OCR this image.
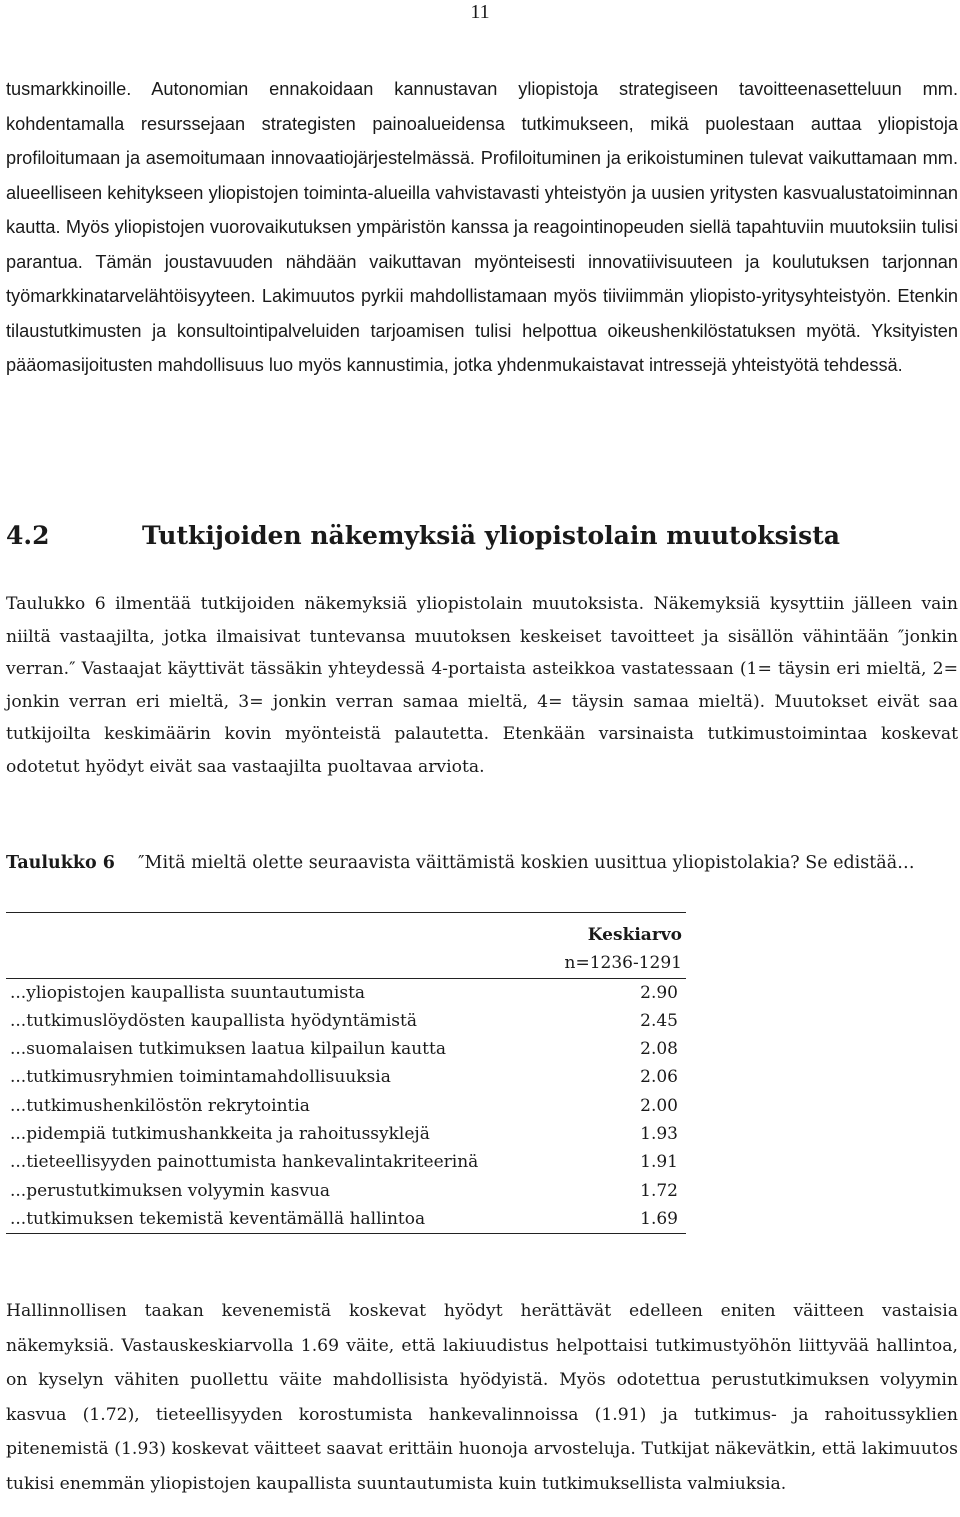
11

tusmarkkinoille. Autonomian ennakoidaan kannustavan yliopistoja strategiseen tavoitteenasetteluun mm. kohdentamalla resurssejaan strategisten painoalueidensa tutkimukseen, mikä puolestaan auttaa yliopistoja profiloitumaan ja asemoitumaan innovaatiojärjestelmässä. Profiloituminen ja erikoistuminen tulevat vaikuttamaan mm. alueelliseen kehitykseen yliopistojen toiminta-alueilla vahvistavasti yhteistyön ja uusien yritysten kasvualustatoiminnan kautta. Myös yliopistojen vuorovaikutuksen ympäristön kanssa ja reagointinopeuden siellä tapahtuviin muutoksiin tulisi parantua. Tämän joustavuuden nähdään vaikuttavan myönteisesti innovatiivisuuteen ja koulutuksen tarjonnan työmarkkinatarvelähtöisyyteen. Lakimuutos pyrkii mahdollistamaan myös tiiviimmän yliopisto-yritysyhteistyön. Etenkin tilaustutkimusten ja konsultointipalveluiden tarjoamisen tulisi helpottua oikeushenkilöstatuksen myötä. Yksityisten pääomasijoitusten mahdollisuus luo myös kannustimia, jotka yhdenmukaistavat intressejä yhteistyötä tehdessä.

4.2	Tutkijoiden näkemyksiä yliopistolain muutoksista

Taulukko 6 ilmentää tutkijoiden näkemyksiä yliopistolain muutoksista. Näkemyksiä kysyttiin jälleen vain niiltä vastaajilta, jotka ilmaisivat tuntevansa muutoksen keskeiset tavoitteet ja sisällön vähintään ″jonkin verran.″ Vastaajat käyttivät tässäkin yhteydessä 4-portaista asteikkoa vastatessaan (1= täysin eri mieltä, 2= jonkin verran eri mieltä, 3= jonkin verran samaa mieltä, 4= täysin samaa mieltä). Muutokset eivät saa tutkijoilta keskimäärin kovin myönteistä palautetta. Etenkään varsinaista tutkimustoimintaa koskevat odotetut hyödyt eivät saa vastaajilta puoltavaa arviota.

Taulukko 6 ″Mitä mieltä olette seuraavista väittämistä koskien uusittua yliopistolakia? Se edistää…
	Keskiarvo
	n=1236-1291
...yliopistojen kaupallista suuntautumista	2.90
...tutkimuslöydösten kaupallista hyödyntämistä	2.45
...suomalaisen tutkimuksen laatua kilpailun kautta	2.08
...tutkimusryhmien toimintamahdollisuuksia	2.06
...tutkimushenkilöstön rekrytointia	2.00
...pidempiä tutkimushankkeita ja rahoitussyklejä	1.93
...tieteellisyyden painottumista hankevalintakriteerinä	1.91
...perustutkimuksen volyymin kasvua	1.72
...tutkimuksen tekemistä keventämällä hallintoa	1.69

Hallinnollisen taakan kevenemistä koskevat hyödyt herättävät edelleen eniten väitteen vastaisia näkemyksiä. Vastauskeskiarvolla 1.69 väite, että lakiuudistus helpottaisi tutkimustyöhön liittyvää hallintoa, on kyselyn vähiten puollettu väite mahdollisista hyödyistä. Myös odotettua perustutkimuksen volyymin kasvua (1.72), tieteellisyyden korostumista hankevalinnoissa (1.91) ja tutkimus- ja rahoitussyklien pitenemistä (1.93) koskevat väitteet saavat erittäin huonoja arvosteluja. Tutkijat näkevätkin, että lakimuutos tukisi enemmän yliopistojen kaupallista suuntautumista kuin tutkimuksellista valmiuksia.
